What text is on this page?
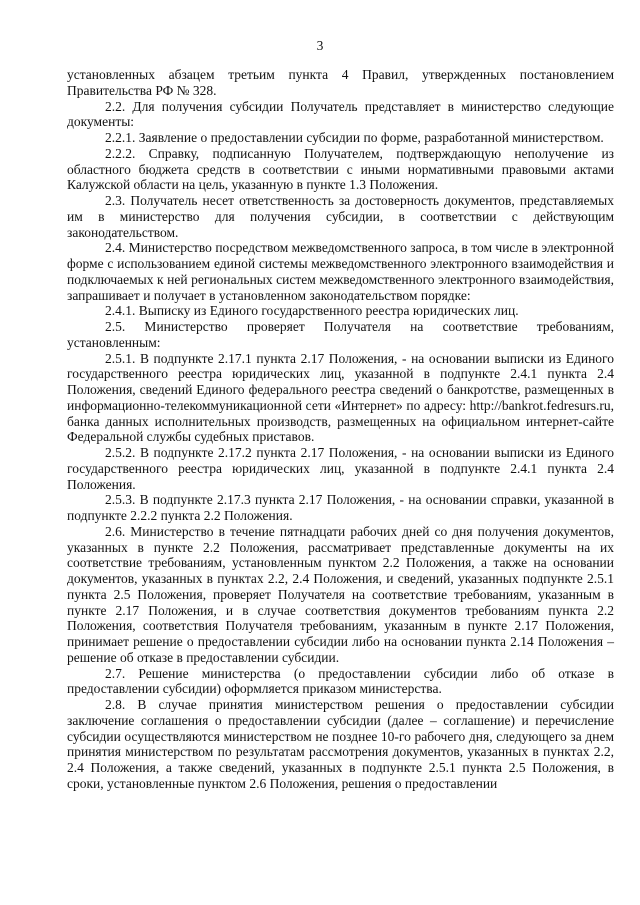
3

установленных абзацем третьим пункта 4 Правил, утвержденных постановлением Правительства РФ № 328.

2.2. Для получения субсидии Получатель представляет в министерство следующие документы:

2.2.1. Заявление о предоставлении субсидии по форме, разработанной министерством.

2.2.2. Справку, подписанную Получателем, подтверждающую неполучение из областного бюджета средств в соответствии с иными нормативными правовыми актами Калужской области на цель, указанную в пункте 1.3 Положения.

2.3. Получатель несет ответственность за достоверность документов, представляемых им в министерство для получения субсидии, в соответствии с действующим законодательством.

2.4. Министерство посредством межведомственного запроса, в том числе в электронной форме с использованием единой системы межведомственного электронного взаимодействия и подключаемых к ней региональных систем межведомственного электронного взаимодействия, запрашивает и получает в установленном законодательством порядке:

2.4.1. Выписку из Единого государственного реестра юридических лиц.

2.5. Министерство проверяет Получателя на соответствие требованиям, установленным:

2.5.1. В подпункте 2.17.1 пункта 2.17 Положения, - на основании выписки из Единого государственного реестра юридических лиц, указанной в подпункте 2.4.1 пункта 2.4 Положения, сведений Единого федерального реестра сведений о банкротстве, размещенных в информационно-телекоммуникационной сети «Интернет» по адресу: http://bankrot.fedresurs.ru, банка данных исполнительных производств, размещенных на официальном интернет-сайте Федеральной службы судебных приставов.

2.5.2. В подпункте 2.17.2 пункта 2.17 Положения, - на основании выписки из Единого государственного реестра юридических лиц, указанной в подпункте 2.4.1 пункта 2.4 Положения.

2.5.3. В подпункте 2.17.3 пункта 2.17 Положения, - на основании справки, указанной в подпункте 2.2.2 пункта 2.2 Положения.

2.6. Министерство в течение пятнадцати рабочих дней со дня получения документов, указанных в пункте 2.2 Положения, рассматривает представленные документы на их соответствие требованиям, установленным пунктом 2.2 Положения, а также на основании документов, указанных в пунктах 2.2, 2.4 Положения, и сведений, указанных подпункте 2.5.1 пункта 2.5 Положения, проверяет Получателя на соответствие требованиям, указанным в пункте 2.17 Положения, и в случае соответствия документов требованиям пункта 2.2 Положения, соответствия Получателя требованиям, указанным в пункте 2.17 Положения, принимает решение о предоставлении субсидии либо на основании пункта 2.14 Положения – решение об отказе в предоставлении субсидии.

2.7. Решение министерства (о предоставлении субсидии либо об отказе в предоставлении субсидии) оформляется приказом министерства.

2.8. В случае принятия министерством решения о предоставлении субсидии заключение соглашения о предоставлении субсидии (далее – соглашение) и перечисление субсидии осуществляются министерством не позднее 10-го рабочего дня, следующего за днем принятия министерством по результатам рассмотрения документов, указанных в пунктах 2.2, 2.4 Положения, а также сведений, указанных в подпункте 2.5.1 пункта 2.5 Положения, в сроки, установленные пунктом 2.6 Положения, решения о предоставлении
